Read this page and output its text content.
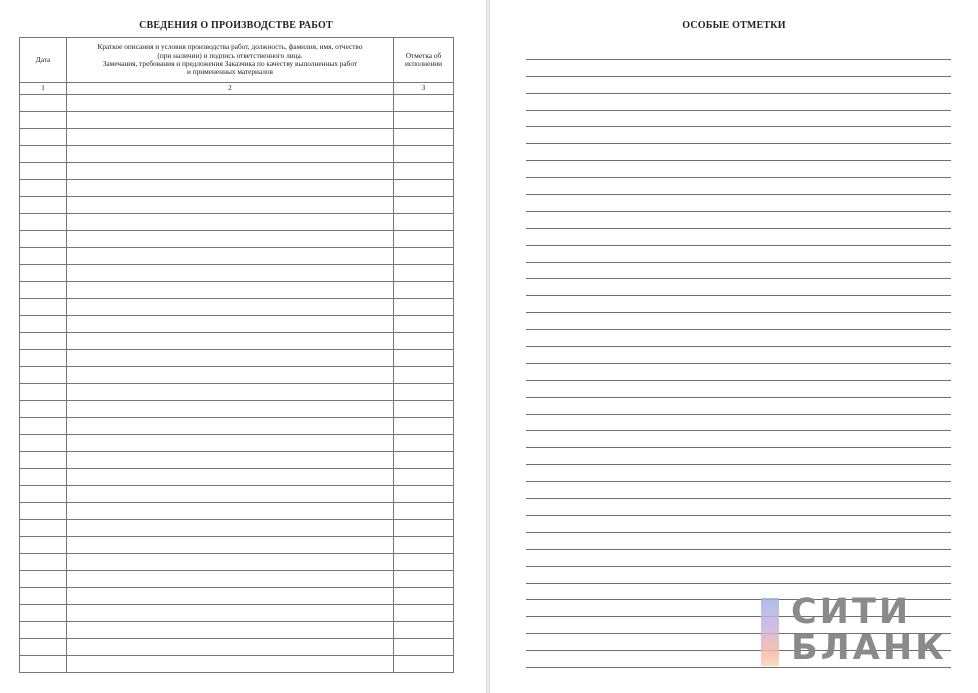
СВЕДЕНИЯ О ПРОИЗВОДСТВЕ РАБОТ
Дата	Краткое описания и условия производства работ, должность, фамилия, имя, отчество
(при наличии) и подпись ответственного лица.
Замечания, требования и предложения Заказчика по качеству выполненных работ
и примененных материалов	Отметка об исполнении
1	2	3

ОСОБЫЕ ОТМЕТКИ
СИТИ
БЛАНК
